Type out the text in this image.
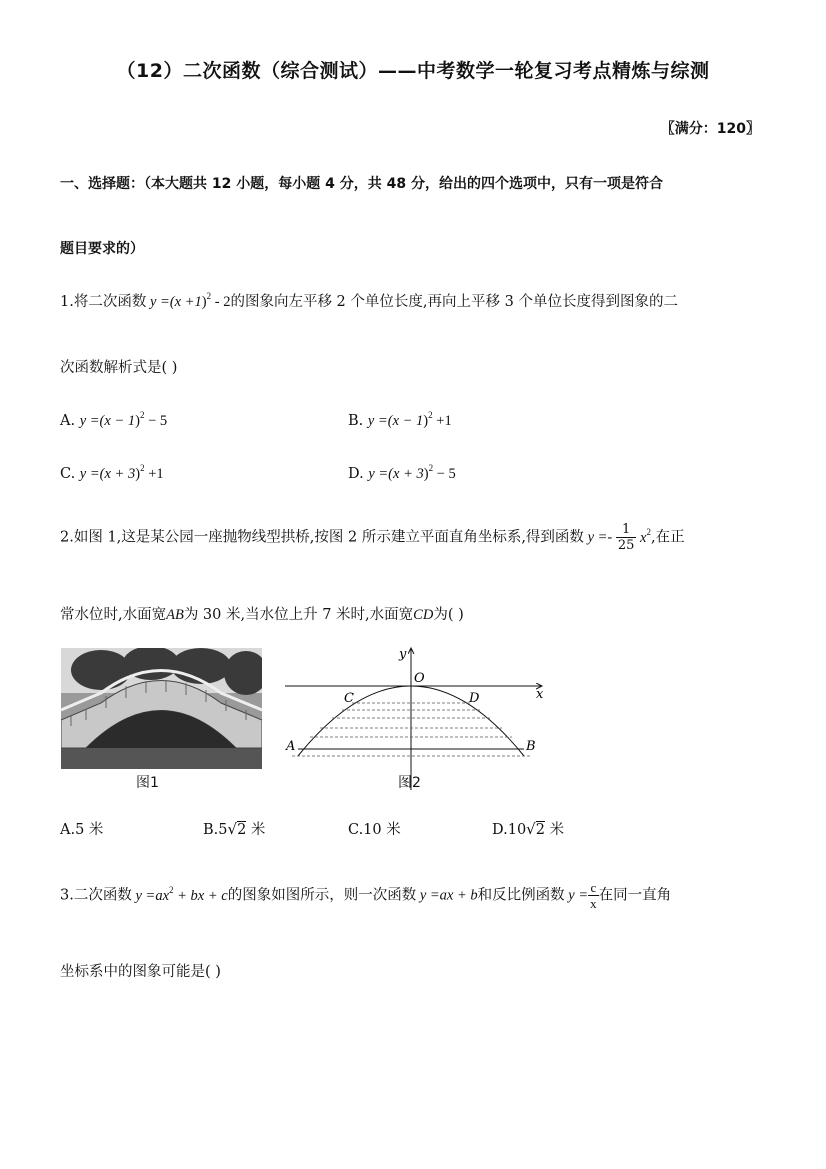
（12）二次函数（综合测试）——中考数学一轮复习考点精炼与综测
〖满分：120〗
一、选择题：（本大题共 12 小题，每小题 4 分，共 48 分，给出的四个选项中，只有一项是符合
题目要求的）
1.将二次函数 $y =(x +1)^2 - 2$的图象向左平移 2 个单位长度,再向上平移 3 个单位长度得到图象的二
次函数解析式是( )
A. $y =(x - 1)^2 - 5$	B. $y =(x - 1)^2 +1$
C. $y =(x + 3)^2 +1$	D. $y =(x + 3)^2 - 5$
2.如图 1,这是某公园一座抛物线型拱桥,按图 2 所示建立平面直角坐标系,得到函数 $y =- \frac{1}{25} x^2$,在正
常水位时,水面宽AB为 30 米,当水位上升 7 米时,水面宽CD为( )
图1
y
x
O
C	D
A	B
图2
A.5 米	B.5√2 米	C.10 米	D.10√2 米
3.二次函数 $y =ax^2$ + bx + c的图象如图所示，则一次函数 y =ax + b和反比例函数 $y = \frac{c}{x}$ 在同一直角
坐标系中的图象可能是( )
